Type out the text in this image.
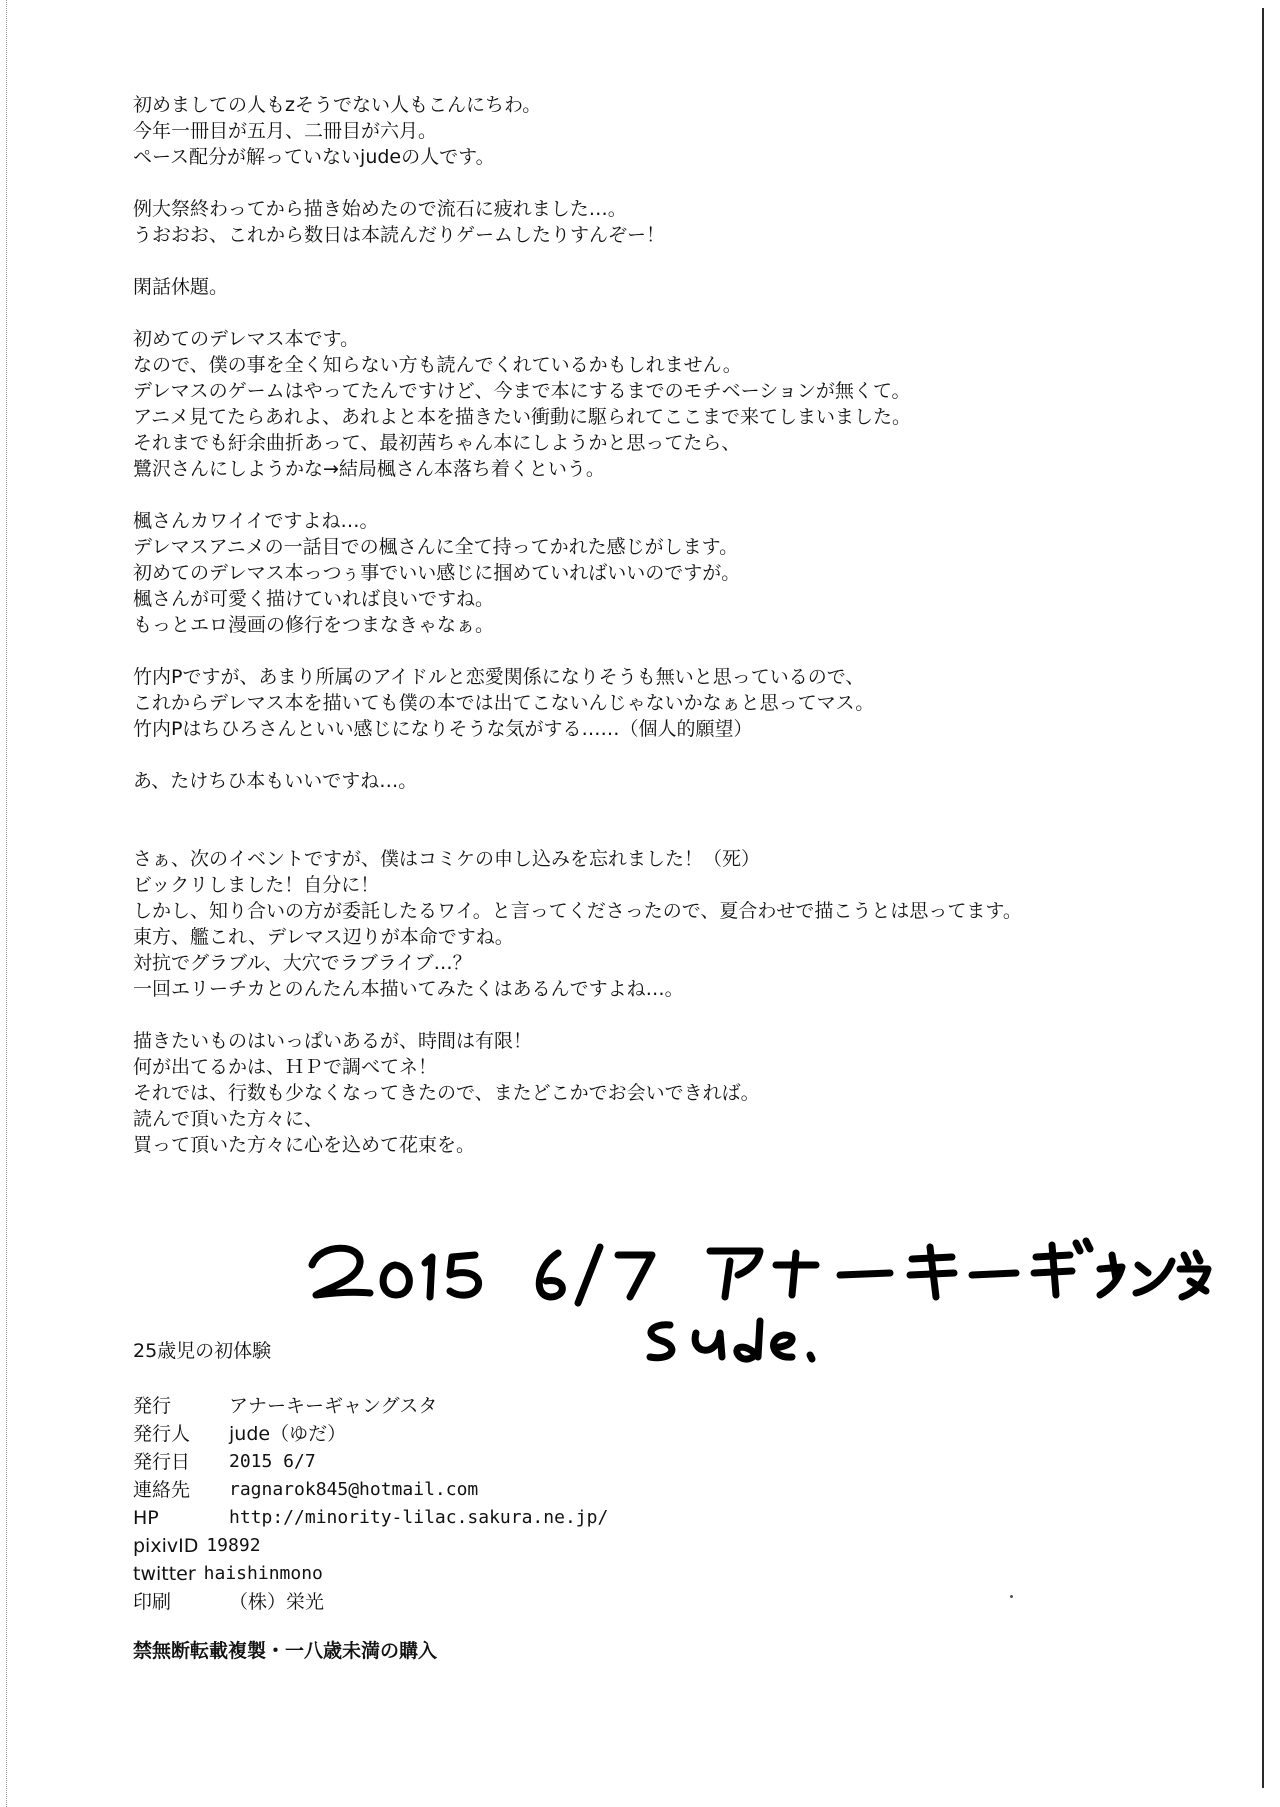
初めましての人もzそうでない人もこんにちわ。
今年一冊目が五月、二冊目が六月。
ペース配分が解っていないjudeの人です。
例大祭終わってから描き始めたので流石に疲れました…。
うおおお、これから数日は本読んだりゲームしたりすんぞー！
閑話休題。
初めてのデレマス本です。
なので、僕の事を全く知らない方も読んでくれているかもしれません。
デレマスのゲームはやってたんですけど、今まで本にするまでのモチベーションが無くて。
アニメ見てたらあれよ、あれよと本を描きたい衝動に駆られてここまで来てしまいました。
それまでも紆余曲折あって、最初茜ちゃん本にしようかと思ってたら、
鷺沢さんにしようかな→結局楓さん本落ち着くという。
楓さんカワイイですよね…。
デレマスアニメの一話目での楓さんに全て持ってかれた感じがします。
初めてのデレマス本っつぅ事でいい感じに掴めていればいいのですが。
楓さんが可愛く描けていれば良いですね。
もっとエロ漫画の修行をつまなきゃなぁ。
竹内Pですが、あまり所属のアイドルと恋愛関係になりそうも無いと思っているので、
これからデレマス本を描いても僕の本では出てこないんじゃないかなぁと思ってマス。
竹内Pはちひろさんといい感じになりそうな気がする……（個人的願望）
あ、たけちひ本もいいですね…。
さぁ、次のイベントですが、僕はコミケの申し込みを忘れました！（死）
ビックリしました！自分に！
しかし、知り合いの方が委託したるワイ。と言ってくださったので、夏合わせで描こうとは思ってます。
東方、艦これ、デレマス辺りが本命ですね。
対抗でグラブル、大穴でラブライブ…？
一回エリーチカとのんたん本描いてみたくはあるんですよね…。
描きたいものはいっぱいあるが、時間は有限！
何が出てるかは、ＨＰで調べてネ！
それでは、行数も少なくなってきたので、またどこかでお会いできれば。
読んで頂いた方々に、
買って頂いた方々に心を込めて花束を。
25歳児の初体験
発行	アナーキーギャングスタ
発行人	jude（ゆだ）
発行日	2015 6/7
連絡先	ragnarok845@hotmail.com
HP	http://minority-lilac.sakura.ne.jp/
pixivID 19892
twitter haishinmono
印刷	（株）栄光
禁無断転載複製・一八歳未満の購入
